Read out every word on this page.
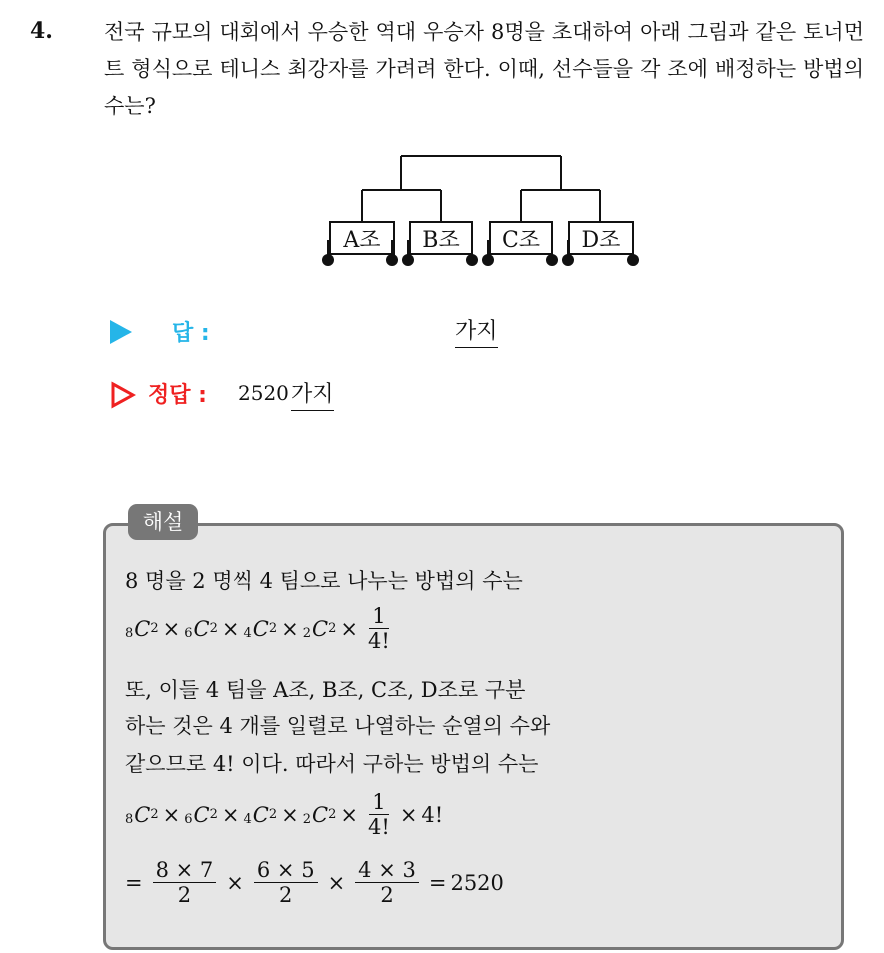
4. 전국 규모의 대회에서 우승한 역대 우승자 8명을 초대하여 아래 그림과 같은 토너먼트 형식으로 테니스 최강자를 가려려 한다. 이때, 선수들을 각 조에 배정하는 방법의 수는?
A조 B조 C조 D조
답 :	가지
정답 : 2520 가지
해설
8 명을 2 명씩 4 팀으로 나누는 방법의 수는
8 C 2 × 6 C 2 × 4 C 2 × 2 C $2 \times \frac{1}{4!}$
또, 이들 4 팀을 A조, B조, C조, D조로 구분
하는 것은 4 개를 일렬로 나열하는 순열의 수와
같으므로 4! 이다. 따라서 구하는 방법의 수는
8 C 2 × 6 C 2 × 4 C 2 × 2 C $2 \times \frac{1}{4!} \times 4$!
= $\frac{8 \times 7}{2} \times \frac{6 \times 5}{2} \times \frac{4 \times 3}{2} = 2520$
